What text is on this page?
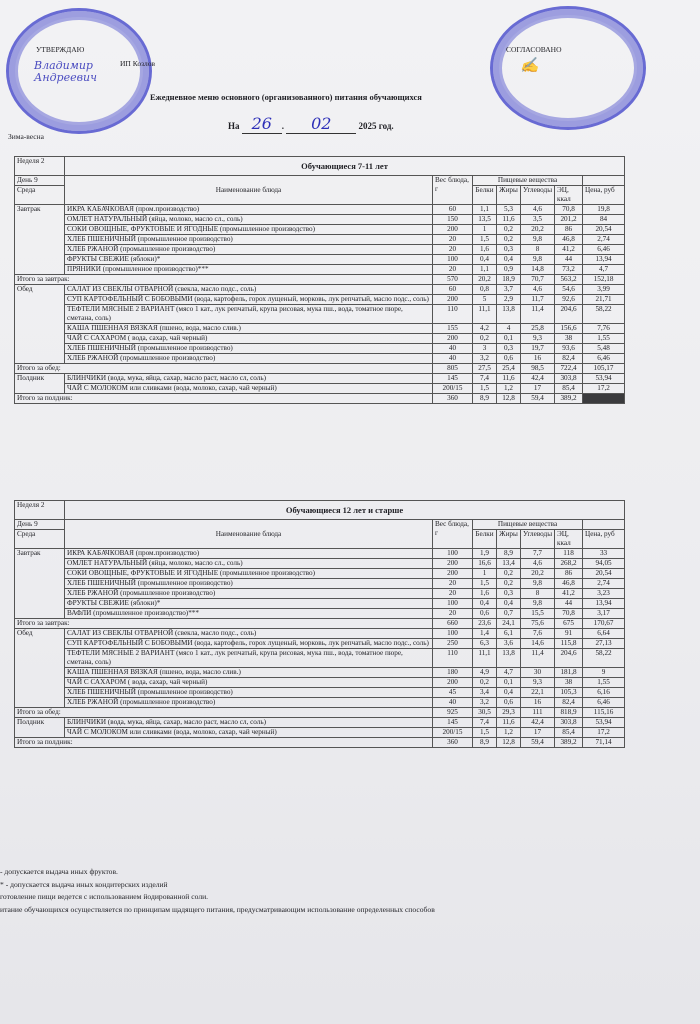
УТВЕРЖДАЮ
ИП Козлов
Владимир Андреевич
СОГЛАСОВАНО
✍
Ежедневное меню основного (организованного) питания обучающихся
На 26 . 02	2025 год.
Зима-весна
Неделя 2	Обучающиеся 7-11 лет						
День 9	Наименование блюда	Вес блюда, г	Пищевые вещества				
Среда			Белки	Жиры	Углеводы	ЭЦ, ккал	Цена, руб
Завтрак	ИКРА КАБАЧКОВАЯ (пром.производство)	60	1,1	5,3	4,6	70,8	19,8
	ОМЛЕТ НАТУРАЛЬНЫЙ (яйца, молоко, масло сл., соль)	150	13,5	11,6	3,5	201,2	84
	СОКИ ОВОЩНЫЕ, ФРУКТОВЫЕ И ЯГОДНЫЕ (промышленное производство)	200	1	0,2	20,2	86	20,54
	ХЛЕБ ПШЕНИЧНЫЙ (промышленное производство)	20	1,5	0,2	9,8	46,8	2,74
	ХЛЕБ РЖАНОЙ (промышленное производство)	20	1,6	0,3	8	41,2	6,46
	ФРУКТЫ СВЕЖИЕ (яблоки)*	100	0,4	0,4	9,8	44	13,94
	ПРЯНИКИ (промышленное производство)***	20	1,1	0,9	14,8	73,2	4,7
Итого за завтрак:		570	20,2	18,9	70,7	563,2	152,18
Обед	САЛАТ ИЗ СВЕКЛЫ ОТВАРНОЙ (свекла, масло подс., соль)	60	0,8	3,7	4,6	54,6	3,99
	СУП КАРТОФЕЛЬНЫЙ С БОБОВЫМИ (вода, картофель, горох лущеный, морковь, лук репчатый, масло подс., соль)	200	5	2,9	11,7	92,6	21,71
	ТЕФТЕЛИ МЯСНЫЕ 2 ВАРИАНТ (мясо 1 кат., лук репчатый, крупа рисовая, мука пш., вода, томатное пюре, сметана, соль)	110	11,1	13,8	11,4	204,6	58,22
	КАША ПШЕННАЯ ВЯЗКАЯ (пшено, вода, масло слив.)	155	4,2	4	25,8	156,6	7,76
	ЧАЙ С САХАРОМ ( вода, сахар, чай черный)	200	0,2	0,1	9,3	38	1,55
	ХЛЕБ ПШЕНИЧНЫЙ (промышленное производство)	40	3	0,3	19,7	93,6	5,48
	ХЛЕБ РЖАНОЙ (промышленное производство)	40	3,2	0,6	16	82,4	6,46
Итого за обед:		805	27,5	25,4	98,5	722,4	105,17
Полдник	БЛИНЧИКИ (вода, мука, яйца, сахар, масло раст, масло сл, соль)	145	7,4	11,6	42,4	303,8	53,94
	ЧАЙ С МОЛОКОМ или сливками (вода, молоко, сахар, чай черный)	200/15	1,5	1,2	17	85,4	17,2
Итого за полдник:		360	8,9	12,8	59,4	389,2	
Неделя 2	Обучающиеся 12 лет и старше						
День 9	Наименование блюда	Вес блюда, г	Пищевые вещества				
Среда			Белки	Жиры	Углеводы	ЭЦ, ккал	Цена, руб
Завтрак	ИКРА КАБАЧКОВАЯ (пром.производство)	100	1,9	8,9	7,7	118	33
	ОМЛЕТ НАТУРАЛЬНЫЙ (яйца, молоко, масло сл., соль)	200	16,6	13,4	4,6	268,2	94,05
	СОКИ ОВОЩНЫЕ, ФРУКТОВЫЕ И ЯГОДНЫЕ (промышленное производство)	200	1	0,2	20,2	86	20,54
	ХЛЕБ ПШЕНИЧНЫЙ (промышленное производство)	20	1,5	0,2	9,8	46,8	2,74
	ХЛЕБ РЖАНОЙ (промышленное производство)	20	1,6	0,3	8	41,2	3,23
	ФРУКТЫ СВЕЖИЕ (яблоки)*	100	0,4	0,4	9,8	44	13,94
	ВАФЛИ (промышленное производство)***	20	0,6	0,7	15,5	70,8	3,17
Итого за завтрак:		660	23,6	24,1	75,6	675	170,67
Обед	САЛАТ ИЗ СВЕКЛЫ ОТВАРНОЙ (свекла, масло подс., соль)	100	1,4	6,1	7,6	91	6,64
	СУП КАРТОФЕЛЬНЫЙ С БОБОВЫМИ (вода, картофель, горох лущеный, морковь, лук репчатый, масло подс., соль)	250	6,3	3,6	14,6	115,8	27,13
	ТЕФТЕЛИ МЯСНЫЕ 2 ВАРИАНТ (мясо 1 кат., лук репчатый, крупа рисовая, мука пш., вода, томатное пюре, сметана, соль)	110	11,1	13,8	11,4	204,6	58,22
	КАША ПШЕННАЯ ВЯЗКАЯ (пшено, вода, масло слив.)	180	4,9	4,7	30	181,8	9
	ЧАЙ С САХАРОМ ( вода, сахар, чай черный)	200	0,2	0,1	9,3	38	1,55
	ХЛЕБ ПШЕНИЧНЫЙ (промышленное производство)	45	3,4	0,4	22,1	105,3	6,16
	ХЛЕБ РЖАНОЙ (промышленное производство)	40	3,2	0,6	16	82,4	6,46
Итого за обед:		925	30,5	29,3	111	818,9	115,16
Полдник	БЛИНЧИКИ (вода, мука, яйца, сахар, масло раст, масло сл, соль)	145	7,4	11,6	42,4	303,8	53,94
	ЧАЙ С МОЛОКОМ или сливками (вода, молоко, сахар, чай черный)	200/15	1,5	1,2	17	85,4	17,2
Итого за полдник:		360	8,9	12,8	59,4	389,2	71,14
- допускается выдача иных фруктов.
* - допускается выдача иных кондитерских изделий
готовление пищи ведется с использованием йодированной соли.
итание обучающихся осуществляется по принципам щадящего питания, предусматривающим использование определенных способов
